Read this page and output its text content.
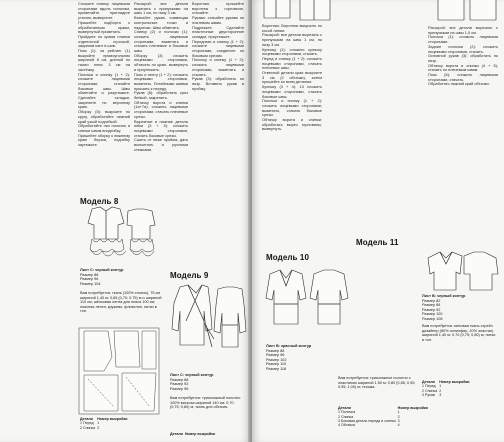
Сложите планку лицевыми сторонами вдоль пополам, приметайте, пригладьте утюгом, выверните.

Пришейте подборта к обработанным краям, вывернутый приметать.

Пройдите по краям планки отделочной строчкой, закрепив кант в шов.

Пояс (1): за рейтинг (1) выкройте прямоугольник шириной 8 см, длиной по талии плюс 3 см на застёжку.

Полочки и спинку (1 + 2): сложите лицевыми сторонами, стачайте боковые швы. Швы обметайте и разутюжьте. Сделайте складки, закрепите по верхнему краю.

Оборку (5): выкроите по кругу, обработайте нижний край узкой подгибкой.

Обработайте низ полочек и спинки швом вподгибку.

Пришейте оборку к нижнему краю блузки, подгибку заутюжьте.

Расскрой: все детали вырезать с припусками на швы 1 см, по низу 3 см.

Втачайте рукав, совмещая контрольные точки и надсечки. Швы обметать.

Спинку (2) и полочки (1): сложить лицевыми сторонами, выметать и стачать плечевые и боковые швы.

Оборку (3) сложить лицевыми сторонами, обтачать по краю, вывернуть и приутюжить.

Пояс и ленту (1 + 2): сложить лицевыми сторонами, выметать. Потайными швами пришить к переду.

Рукав (6): обработать срез бейкой, закрепить.

Обтачку ворота и спинки (1a+7a): сложить лицевыми сторонами, стачать плечевые срезы.

Вырезные и нижние детали юбки (3 + 4): сложить лицевыми сторонами, стачать боковые срезы.

Сшить от ниже пройма, дать выполнять и ручными стежками.

Воротник: пришейте воротник к горловине, стачайте.

Рукава: стачайте рукава по локтевым швам.

Подрежьте. Сделайте пластичные двусторонние складки, приутюжьте.

Переднюю и спинку (1 + 2): сложите лицевыми сторонами, соедините по боковым срезам.

Полочку и спинку (1 + 2): сложить лицевыми сторонами, выметать и стачать.

Рукав (3): обработать по низу. Вставить рукав в пройму.

Модель 8
Лист С: черный контур
Размер 88
Размер 96
Размер 104
Вам потребуется: ткань (100% хлопок), 75 см шириной 1,40 м; 0,65 (0,70; 0,75) м и шириной 110 см; шёлковая лента для пояса 100 см; поясная лента; кружево, флизелин, нитки в тон.
Детали	Номер выкройки
1 Перед	1
2 Спинка	2
Модель 9
Лист С: черный контур
Размер 88
Размер 92
Размер 96
Вам потребуется: трикотажный полотно 100% вискоза шириной 140 см: 0,70 (0,75; 0,80) м; ткань для обтачек.
Детали	Номер выкройки

Воротник: Воротник выкроить по косой линии.

Расскрой: все детали вырезать с припусками на швы 1 см, по низу 3 см.

Кулиску (1): сложить кулиску лицевыми сторонами, стачать.

Перед и спинку (1 + 2): сложить лицевыми сторонами, стачать плечевые швы.

Отвесной детали края выкроите 3 см (2 обтачки), затем пришейте ко всем деталям.

Кулиску (3 + 4): 13 сложить лицевыми сторонами, стачать боковые швы.

Полочки и спинку (1 + 2): сложить лицевыми сторонами, выметать, стачать боковые срезы.

Обтачку ворота и спинки: обработать вырез горловины, вывернуть.

Расскрой: все детали вырезать с припусками на швы 1,5 см.

Полочки (1): сложить лицевыми сторонами.

Задние полочки (2): сложить лицевыми сторонами, стачать.

Основной рукав (3): обработать по низу.

Обтачку ворота и спинки (4 + 5): стачать по плечевым швам.

Пояс (6): сложить лицевыми сторонами, стачать.

Обработать нижний край обтачки.

Модель 10
Лист В: красный контур
Размер 88
Размер 96
Размер 102
Размер 110
Размер 118
Вам потребуется: трикотажное полотно с эластаном шириной 1,50 м: 0,80 (0,85; 0,90; 0,95; 1,00) м; тесьма.
Детали	Номер выкройки
1 Полочка	1
2 Спинка	2
3 Боковая деталь переда и спинки	3
4 Обтачка	4
Модель 11
Лист В: черный контур
Размер 82
Размер 88
Размер 92
Размер 100
Размер 108
Вам потребуется: меховая ткань-стрейч дизайнер (80% полиэфир, 20% эластан) шириной 1,40 м: 0,70 (0,75; 0,80) м; нитки в тон.
Детали	Номер выкройки
1 Перед	1
2 Спинка	2
3 Рукав	3
